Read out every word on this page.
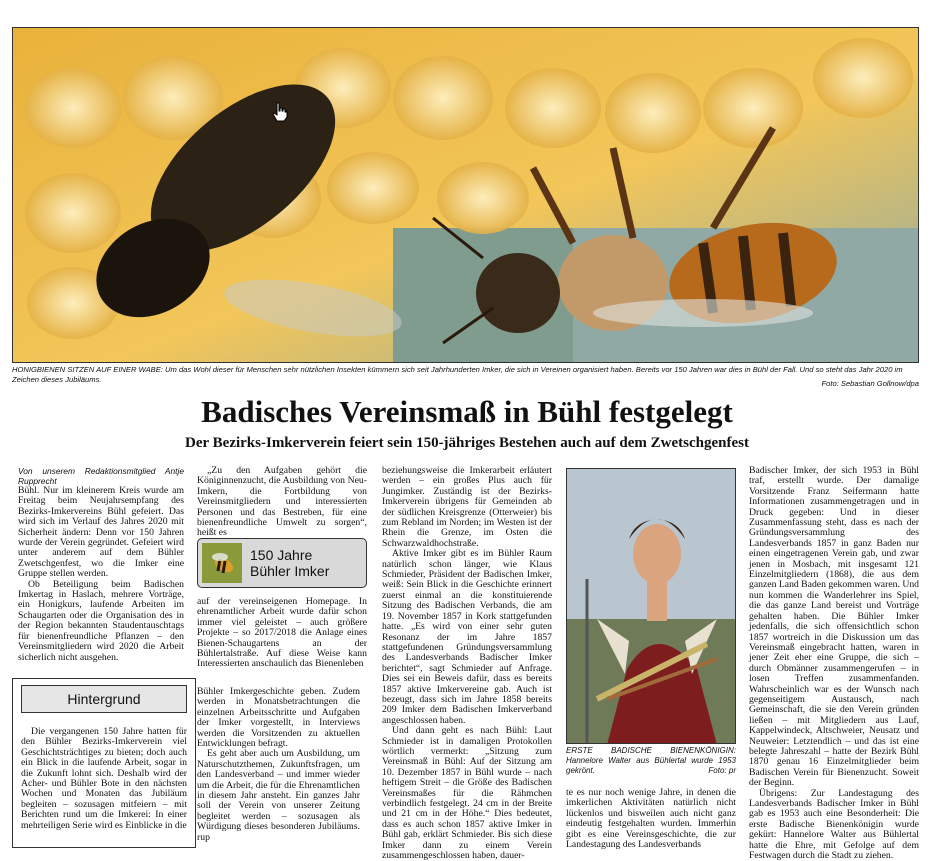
HONIGBIENEN SITZEN AUF EINER WABE: Um das Wohl dieser für Menschen sehr nützlichen Insekten kümmern sich seit Jahrhunderten Imker, die sich in Vereinen organisiert haben. Bereits vor 150 Jahren war dies in Bühl der Fall. Und so steht das Jahr 2020 im Zeichen dieses Jubiläums.	Foto: Sebastian Gollnow/dpa
Badisches Vereinsmaß in Bühl festgelegt
Der Bezirks-Imkerverein feiert sein 150-jähriges Bestehen auch auf dem Zwetschgenfest

Von unserem Redaktionsmitglied Antje Rupprecht

Bühl. Nur im kleinerem Kreis wurde am Freitag beim Neujahrsempfang des Bezirks-Imkervereins Bühl gefeiert. Das wird sich im Verlauf des Jahres 2020 mit Sicherheit ändern: Denn vor 150 Jahren wurde der Verein gegründet. Gefeiert wird unter anderem auf dem Bühler Zwetschgenfest, wo die Imker eine Gruppe stellen werden.

Ob Beteiligung beim Badischen Imkertag in Haslach, mehrere Vorträge, ein Honigkurs, laufende Arbeiten im Schaugarten oder die Organisation des in der Region bekannten Staudentauschtags für bienenfreundliche Pflanzen – den Vereinsmitgliedern wird 2020 die Arbeit sicherlich nicht ausgehen.

Hintergrund

Die vergangenen 150 Jahre hatten für den Bühler Bezirks-Imkerverein viel Geschichtsträchtiges zu bieten; doch auch ein Blick in die laufende Arbeit, sogar in die Zukunft lohnt sich. Deshalb wird der Acher- und Bühler Bote in den nächsten Wochen und Monaten das Jubiläum begleiten – sozusagen mitfeiern – mit Berichten rund um die Imkerei: In einer mehrteiligen Serie wird es Einblicke in die

„Zu den Aufgaben gehört die Königinnenzucht, die Ausbildung von Neu-Imkern, die Fortbildung von Vereinsmitgliedern und interessierten Personen und das Bestreben, für eine bienenfreundliche Umwelt zu sorgen“, heißt es

150 Jahre
Bühler Imker

auf der vereinseigenen Homepage. In ehrenamtlicher Arbeit wurde dafür schon immer viel geleistet – auch größere Projekte – so 2017/2018 die Anlage eines Bienen-Schaugartens an der Bühlertalstraße. Auf diese Weise kann Interessierten anschaulich das Bienenleben

Bühler Imkergeschichte geben. Zudem werden in Monatsbetrachtungen die einzelnen Arbeitsschritte und Aufgaben der Imker vorgestellt, in Interviews werden die Vorsitzenden zu aktuellen Entwicklungen befragt.

Es geht aber auch um Ausbildung, um Naturschutzthemen, Zukunftsfragen, um den Landesverband – und immer wieder um die Arbeit, die für die Ehrenamtlichen in diesem Jahr ansteht. Ein ganzes Jahr soll der Verein von unserer Zeitung begleitet werden – sozusagen als Würdigung dieses besonderen Jubiläums. rup

beziehungsweise die Imkerarbeit erläutert werden – ein großes Plus auch für Jungimker. Zuständig ist der Bezirks-Imkerverein übrigens für Gemeinden ab der südlichen Kreisgrenze (Otterweier) bis zum Rebland im Norden; im Westen ist der Rhein die Grenze, im Osten die Schwarzwaldhochstraße.

Aktive Imker gibt es im Bühler Raum natürlich schon länger, wie Klaus Schmieder, Präsident der Badischen Imker, weiß: Sein Blick in die Geschichte erinnert zuerst einmal an die konstituierende Sitzung des Badischen Verbands, die am 19. November 1857 in Kork stattgefunden hatte. „Es wird von einer sehr guten Resonanz der im Jahre 1857 stattgefundenen Gründungsversammlung des Landesverbands Badischer Imker berichtet“, sagt Schmieder auf Anfrage. Dies sei ein Beweis dafür, dass es bereits 1857 aktive Imkervereine gab. Auch ist bezeugt, dass sich im Jahre 1858 bereits 209 Imker dem Badischen Imkerverband angeschlossen haben.

Und dann geht es nach Bühl: Laut Schmieder ist in damaligen Protokollen wörtlich vermerkt: „Sitzung zum Vereinsmaß in Bühl: Auf der Sitzung am 10. Dezember 1857 in Bühl wurde – nach heftigem Streit – die Größe des Badischen Vereinsmaßes für die Rähmchen verbindlich festgelegt. 24 cm in der Breite und 21 cm in der Höhe.“ Dies bedeutet, dass es auch schon 1857 aktive Imker in Bühl gab, erklärt Schmieder. Bis sich diese Imker dann zu einem Verein zusammengeschlossen haben, dauer-

ERSTE BADISCHE BIENENKÖNIGIN: Hannelore Walter aus Bühlertal wurde 1953 gekrönt.	Foto: pr

te es nur noch wenige Jahre, in denen die imkerlichen Aktivitäten natürlich nicht lückenlos und bisweilen auch nicht ganz eindeutig festgehalten wurden. Immerhin gibt es eine Vereinsgeschichte, die zur Landestagung des Landesverbands

Badischer Imker, der sich 1953 in Bühl traf, erstellt wurde. Der damalige Vorsitzende Franz Seifermann hatte Informationen zusammengetragen und in Druck gegeben: Und in dieser Zusammenfassung steht, dass es nach der Gründungsversammlung des Landesverbands 1857 in ganz Baden nur einen eingetragenen Verein gab, und zwar jenen in Mosbach, mit insgesamt 121 Einzelmitgliedern (1868), die aus dem ganzen Land Baden gekommen waren. Und nun kommen die Wanderlehrer ins Spiel, die das ganze Land bereist und Vorträge gehalten haben. Die Bühler Imker jedenfalls, die sich offensichtlich schon 1857 wortreich in die Diskussion um das Vereinsmaß eingebracht hatten, waren in jener Zeit eher eine Gruppe, die sich – durch Obmänner zusammengerufen – in losen Treffen zusammenfanden. Wahrscheinlich war es der Wunsch nach gegenseitigem Austausch, nach Gemeinschaft, die sie den Verein gründen ließen – mit Mitgliedern aus Lauf, Kappelwindeck, Altschweier, Neusatz und Neuweier: Letztendlich – und das ist eine belegte Jahreszahl – hatte der Bezirk Bühl 1870 genau 16 Einzelmitglieder beim Badischen Verein für Bienenzucht. Soweit der Beginn.

Übrigens: Zur Landestagung des Landesverbands Badischer Imker in Bühl gab es 1953 auch eine Besonderheit: Die erste Badische Bienenkönigin wurde gekürt: Hannelore Walter aus Bühlertal hatte die Ehre, mit Gefolge auf dem Festwagen durch die Stadt zu ziehen.
